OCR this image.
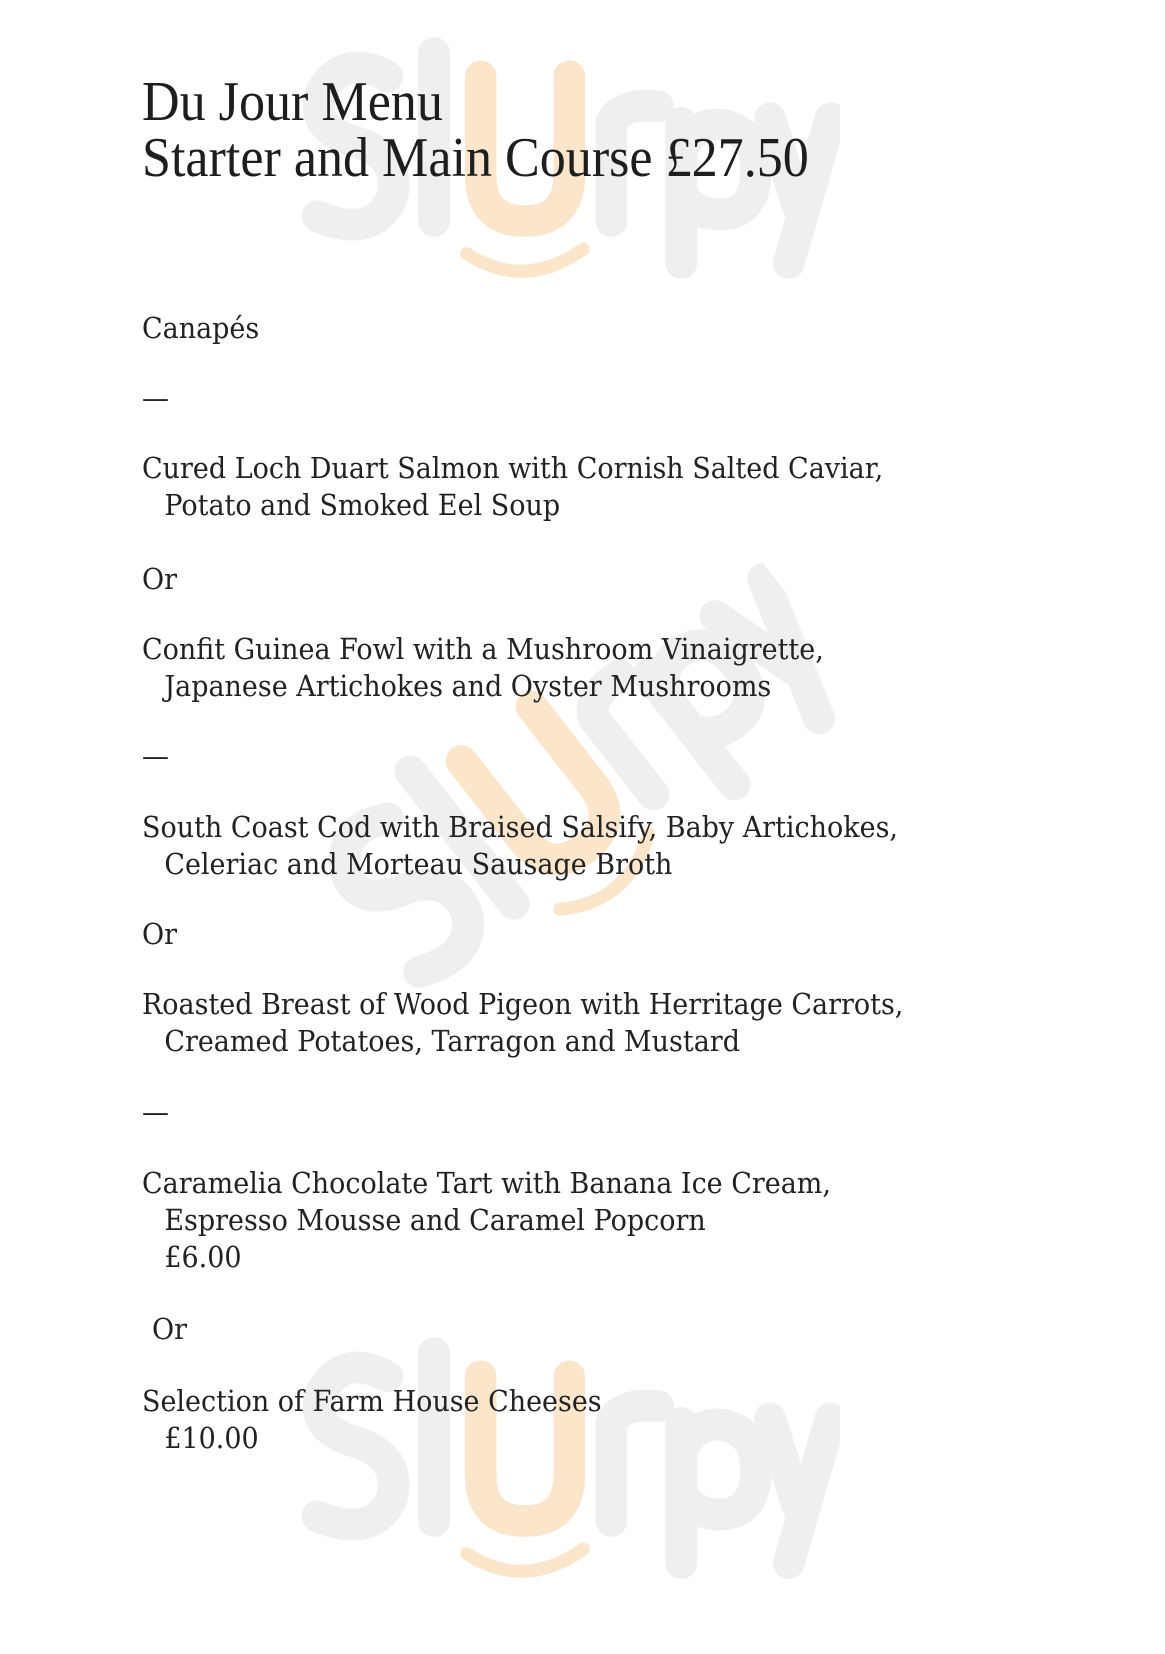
Du Jour Menu
Starter and Main Course £27.50
Canapés
—
Cured Loch Duart Salmon with Cornish Salted Caviar,
Potato and Smoked Eel Soup
Or
Confit Guinea Fowl with a Mushroom Vinaigrette,
Japanese Artichokes and Oyster Mushrooms
—
South Coast Cod with Braised Salsify, Baby Artichokes,
Celeriac and Morteau Sausage Broth
Or
Roasted Breast of Wood Pigeon with Herritage Carrots,
Creamed Potatoes, Tarragon and Mustard
—
Caramelia Chocolate Tart with Banana Ice Cream,
Espresso Mousse and Caramel Popcorn
£6.00
Or
Selection of Farm House Cheeses
£10.00
